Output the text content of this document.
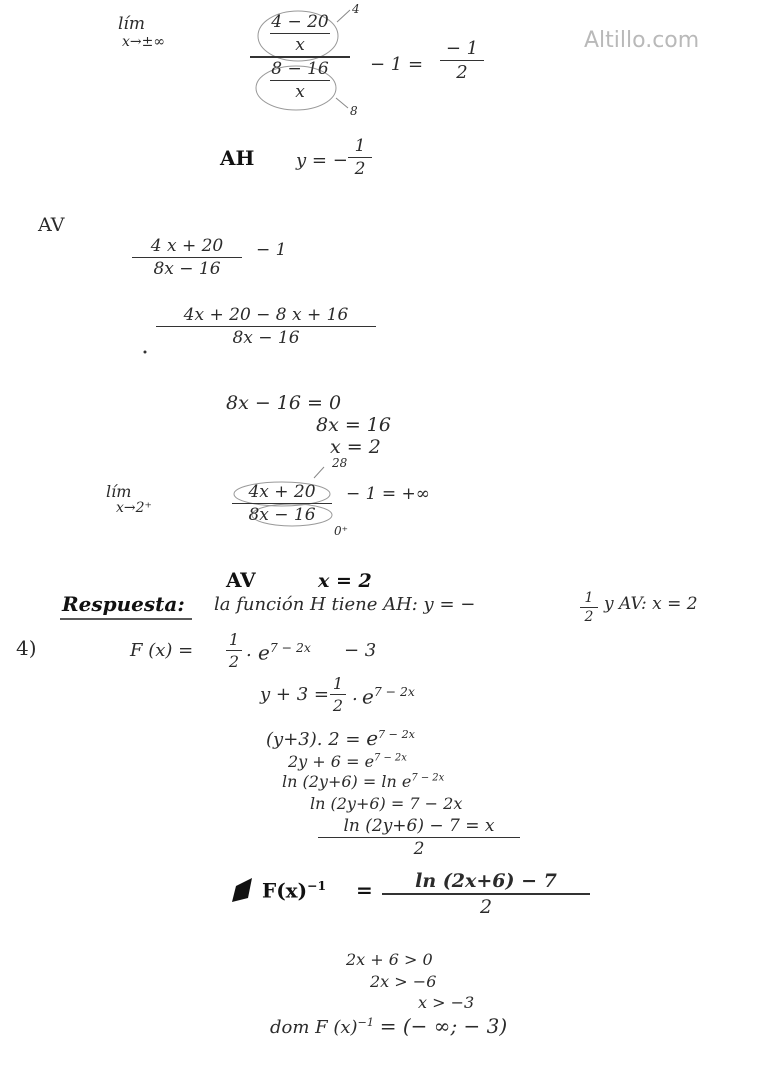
Altillo.com
lím
x→±∞
4 − 20
x
8 − 16
x
4
8
− 1 =
− 1
2
AH y = −
1
2
AV
4 x + 20
8x − 16
− 1
4x + 20 − 8 x + 16
8x − 16
8x − 16 = 0
8x = 16
x = 2
28
lím
x→2⁺
4x + 20
8x − 16
− 1 = +∞
0⁺
AV	x = 2
Respuesta: la función H tiene AH: y = −	1
2
y AV: x = 2
4)	F (x) =
1
2
. $e^{7 - 2x} - 3$
y + 3 =
1
2
. $e^{7 - 2x}$
(y+3). $2 = e^{7 - 2x}$
$2y + 6 = e^{7 - 2x}$
$\ln (2y+6) = \ln e^{7 - 2x}$
ln (2y+6) = 7 − 2x
ln (2y+6) − 7 = x
2
$F(x)^{-1}$ =	ln (2x+6) − 7
2
2x + 6 > 0
2x > −6
x > −3
dom F $(x)^{-1}$ = (− ∞; − 3)
